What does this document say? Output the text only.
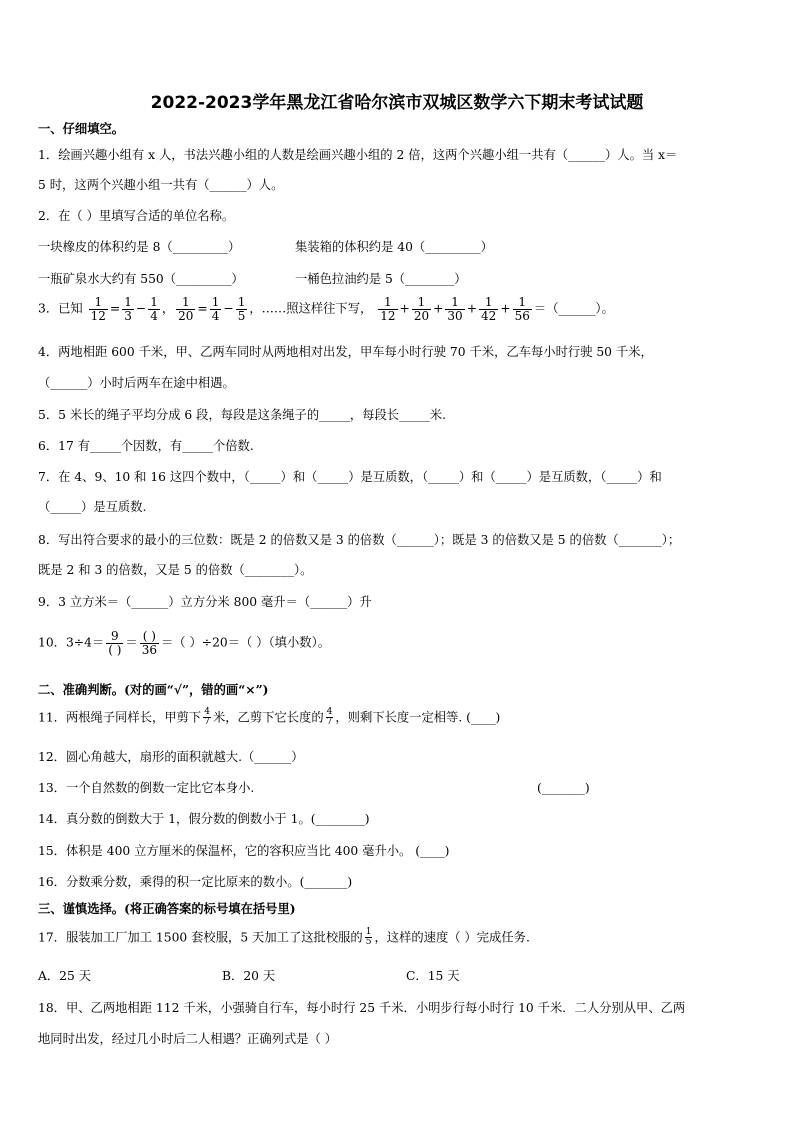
2022-2023学年黑龙江省哈尔滨市双城区数学六下期末考试试题
一、仔细填空。
1．绘画兴趣小组有 x 人，书法兴趣小组的人数是绘画兴趣小组的 2 倍，这两个兴趣小组一共有（______）人。当 x＝
5 时，这两个兴趣小组一共有（______）人。
2．在（ ）里填写合适的单位名称。
一块橡皮的体积约是 8（_________）	集装箱的体积约是 40（_________）
一瓶矿泉水大约有 550（_________）	一桶色拉油约是 5（________）
3．已知 $\frac{1}{12} = \frac{1}{3} - \frac{1}{4}$ ， $\frac{1}{20} = \frac{1}{4} - \frac{1}{5}$ ，……照这样往下写， $\frac{1}{12} + \frac{1}{20} + \frac{1}{30} + \frac{1}{42} + \frac{1}{56}$ ＝（______）。
4．两地相距 600 千米，甲、乙两车同时从两地相对出发，甲车每小时行驶 70 千米，乙车每小时行驶 50 千米，
（______）小时后两车在途中相遇。
5．5 米长的绳子平均分成 6 段，每段是这条绳子的_____，每段长_____米.
6．17 有_____个因数，有_____个倍数.
7．在 4、9、10 和 16 这四个数中，（_____）和（_____）是互质数，（_____）和（_____）是互质数，（_____）和
（_____）是互质数.
8．写出符合要求的最小的三位数：既是 2 的倍数又是 3 的倍数（______）；既是 3 的倍数又是 5 的倍数（_______）；
既是 2 和 3 的倍数，又是 5 的倍数（________）。
9．3 立方米＝（______）立方分米 800 毫升＝（______）升
10．$3\div 4= \frac{9}{( )} = \frac{( )}{36}$ ＝（ ）÷20＝（ ）（填小数）。
二、准确判断。(对的画“√”，错的画“×”)
11．两根绳子同样长，甲剪下 $\frac{4}{7}$ 米，乙剪下它长度的 $\frac{4}{7}$ ，则剩下长度一定相等. (____)
12．圆心角越大，扇形的面积就越大.（______）
13．一个自然数的倒数一定比它本身小.	(_______)
14．真分数的倒数大于 1，假分数的倒数小于 1。(________)
15．体积是 400 立方厘米的保温杯，它的容积应当比 400 毫升小。 (____)
16．分数乘分数，乘得的积一定比原来的数小。(_______)
三、谨慎选择。(将正确答案的标号填在括号里)
17．服装加工厂加工 1500 套校服，5 天加工了这批校服的 $\frac{1}{5}$ ，这样的速度（ ）完成任务.
A．25 天	B．20 天	C．15 天
18．甲、乙两地相距 112 千米，小强骑自行车，每小时行 25 千米．小明步行每小时行 10 千米．二人分别从甲、乙两
地同时出发，经过几小时后二人相遇？正确列式是（ ）
